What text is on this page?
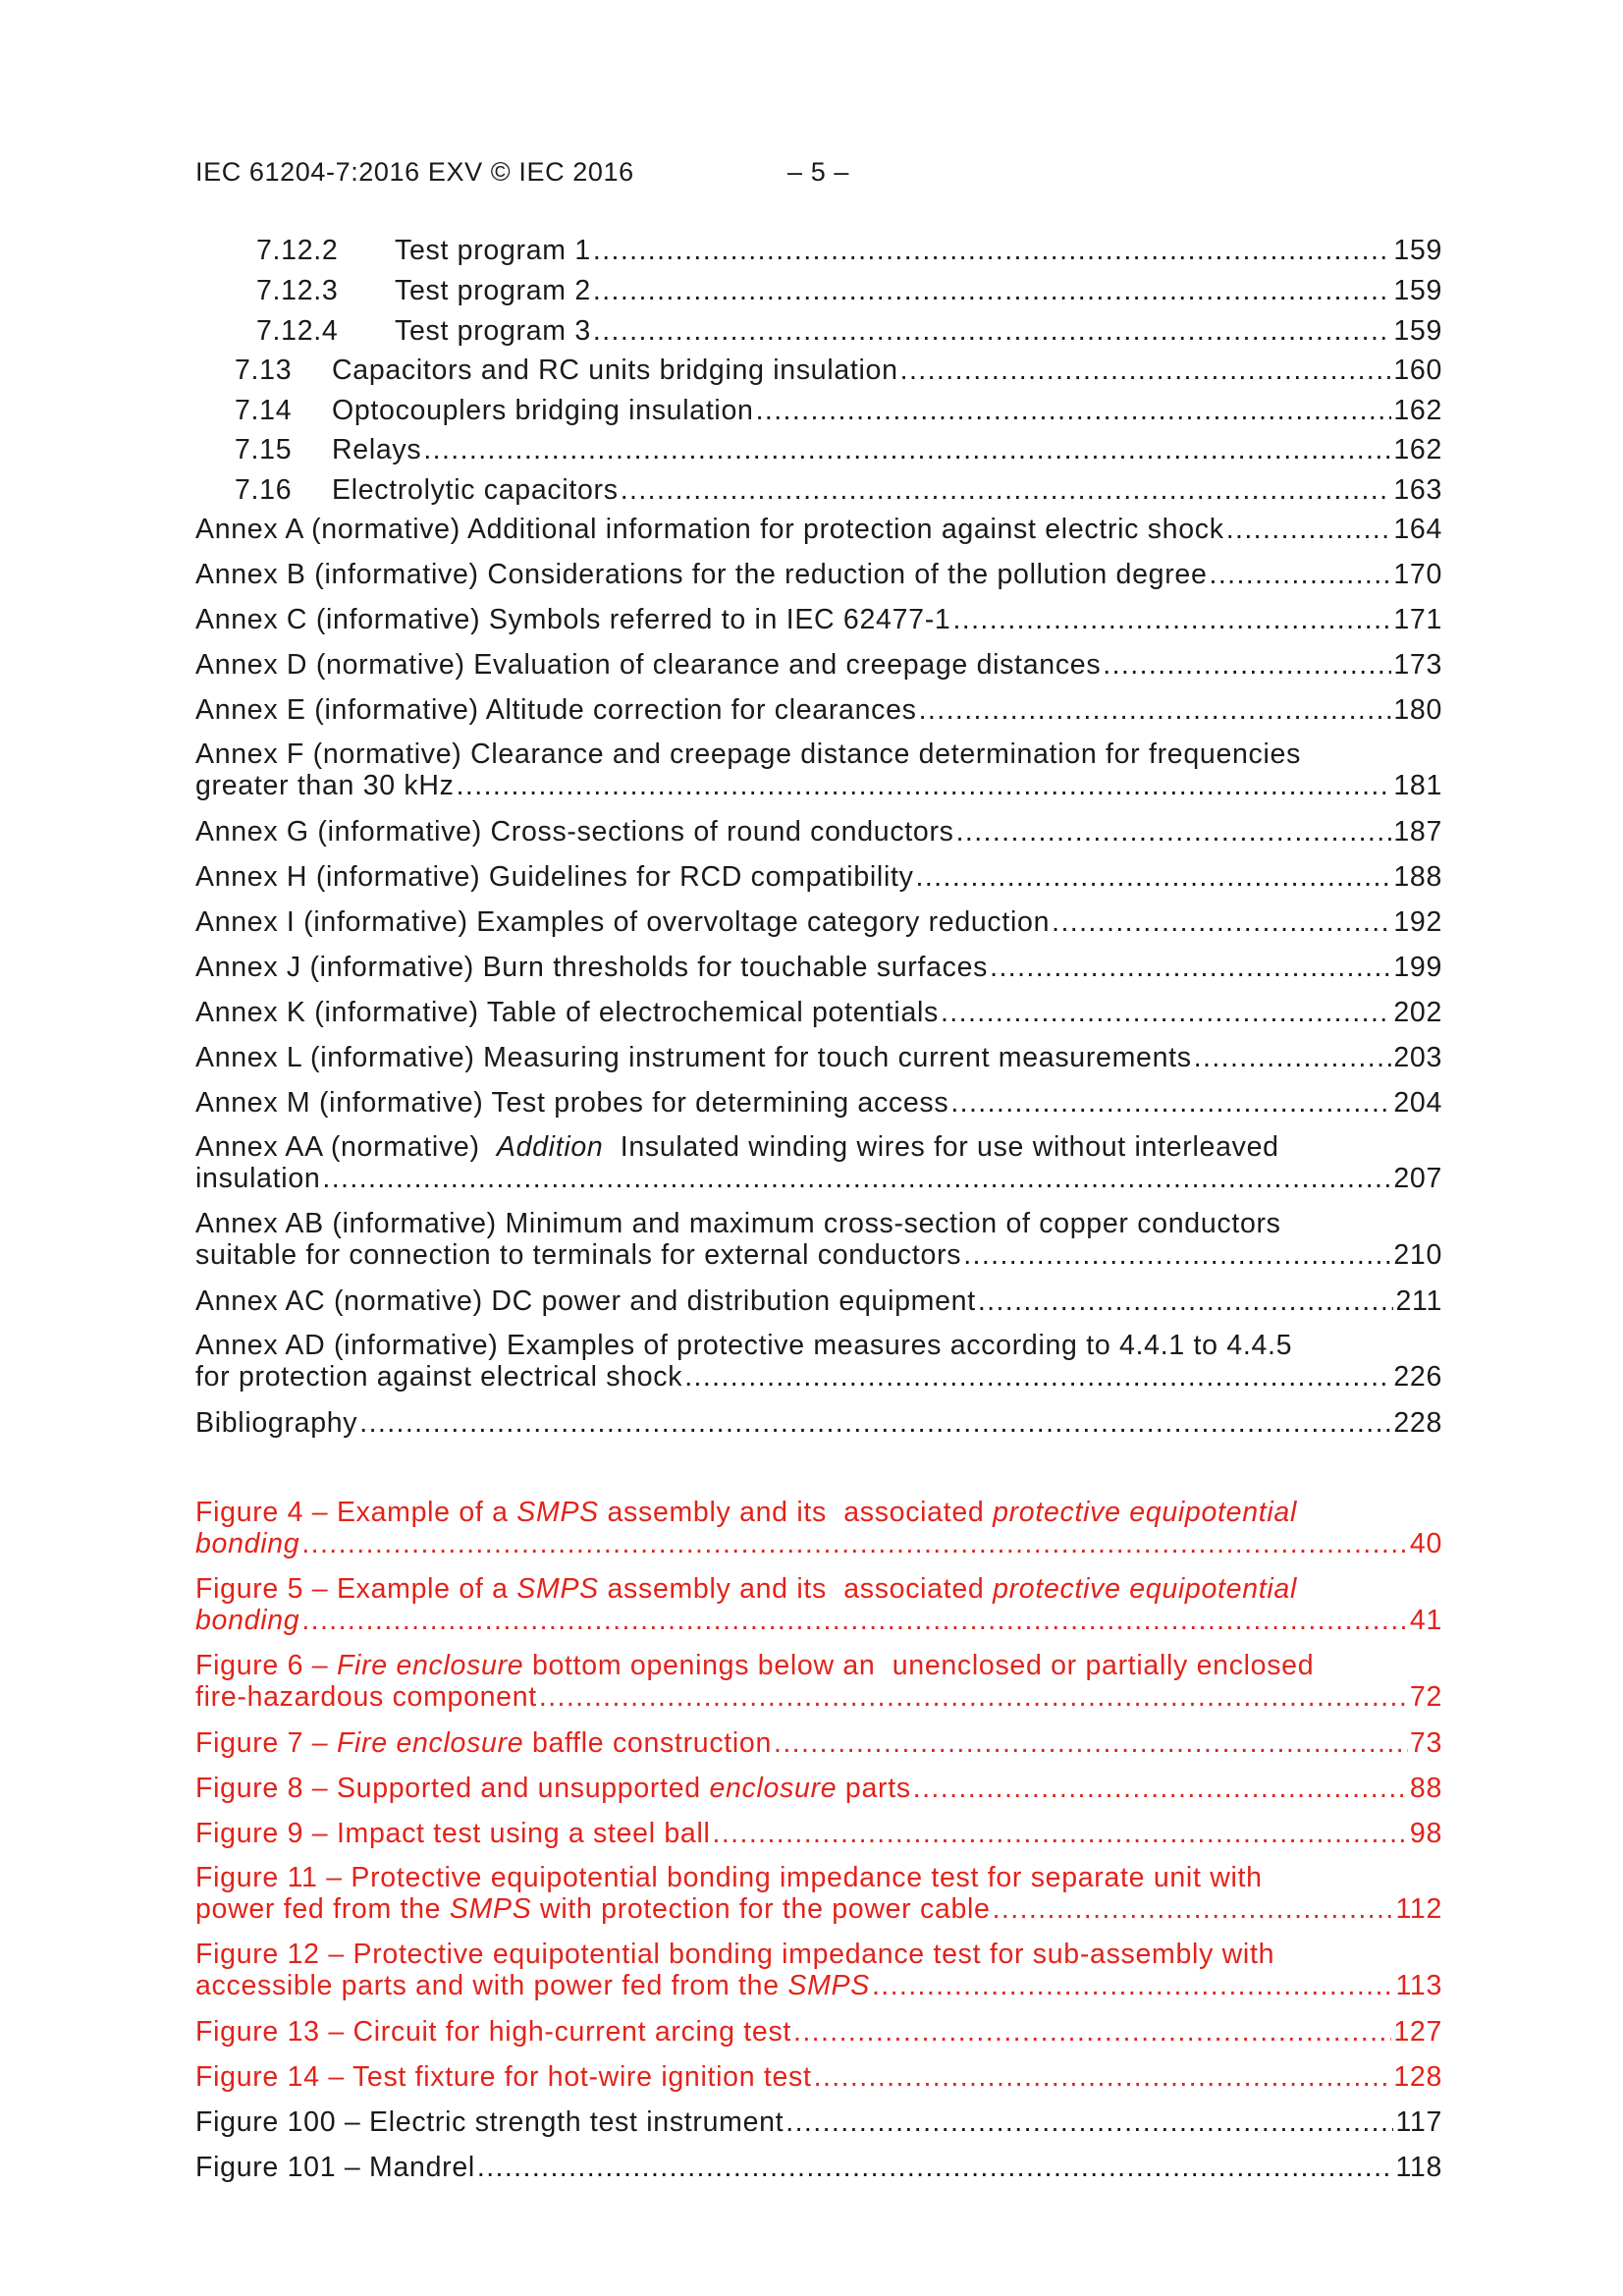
IEC 61204-7:2016 EXV © IEC 2016	– 5 –
7.12.2	Test program 1 .....	159
7.12.3	Test program 2 .....	159
7.12.4	Test program 3 .....	159
7.13	Capacitors and RC units bridging insulation .....	160
7.14	Optocouplers bridging insulation .....	162
7.15	Relays .....	162
7.16	Electrolytic capacitors .....	163
Annex A (normative) Additional information for protection against electric shock .....	164
Annex B (informative) Considerations for the reduction of the pollution degree .....	170
Annex C (informative) Symbols referred to in IEC 62477-1 .....	171
Annex D (normative) Evaluation of clearance and creepage distances .....	173
Annex E (informative) Altitude correction for clearances .....	180
Annex F (normative) Clearance and creepage distance determination for frequencies
greater than 30 kHz .....	181
Annex G (informative) Cross-sections of round conductors .....	187
Annex H (informative) Guidelines for RCD compatibility .....	188
Annex I (informative) Examples of overvoltage category reduction .....	192
Annex J (informative) Burn thresholds for touchable surfaces .....	199
Annex K (informative) Table of electrochemical potentials .....	202
Annex L (informative) Measuring instrument for touch current measurements .....	203
Annex M (informative) Test probes for determining access .....	204
Annex AA (normative)  Addition  Insulated winding wires for use without interleaved
insulation .....	207
Annex AB (informative) Minimum and maximum cross-section of copper conductors
suitable for connection to terminals for external conductors .....	210
Annex AC (normative) DC power and distribution equipment .....	211
Annex AD (informative) Examples of protective measures according to 4.4.1 to 4.4.5
for protection against electrical shock .....	226
Bibliography .....	228
Figure 4 – Example of a SMPS assembly and its  associated protective equipotential
bonding .....	40
Figure 5 – Example of a SMPS assembly and its  associated protective equipotential
bonding .....	41
Figure 6 – Fire enclosure bottom openings below an  unenclosed or partially enclosed
fire-hazardous component .....	72
Figure 7 – Fire enclosure baffle construction .....	73
Figure 8 – Supported and unsupported enclosure parts .....	88
Figure 9 – Impact test using a steel ball .....	98
Figure 11 – Protective equipotential bonding impedance test for separate unit with
power fed from the SMPS with protection for the power cable .....	112
Figure 12 – Protective equipotential bonding impedance test for sub-assembly with
accessible parts and with power fed from the SMPS .....	113
Figure 13 – Circuit for high-current arcing test .....	127
Figure 14 – Test fixture for hot-wire ignition test .....	128
Figure 100 – Electric strength test instrument .....	117
Figure 101 – Mandrel .....	118
